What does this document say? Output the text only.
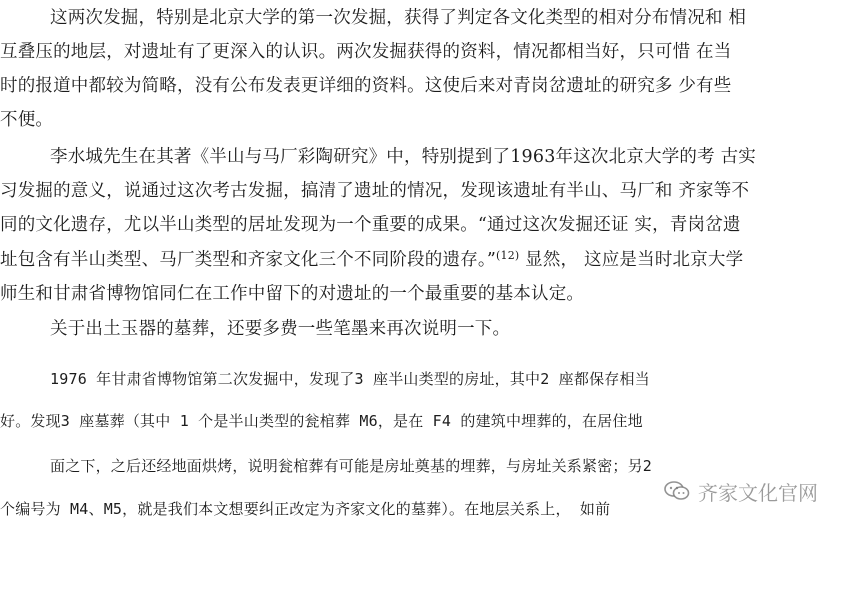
这两次发掘，特别是北京大学的第一次发掘，获得了判定各文化类型的相对分布情况和 相
互叠压的地层，对遗址有了更深入的认识。两次发掘获得的资料，情况都相当好，只可惜 在当
时的报道中都较为简略，没有公布发表更详细的资料。这使后来对青岗岔遗址的研究多 少有些
不便。
李水城先生在其著《半山与马厂彩陶研究》中，特别提到了1963年这次北京大学的考 古实
习发掘的意义，说通过这次考古发掘，搞清了遗址的情况，发现该遗址有半山、马厂和 齐家等不
同的文化遗存，尤以半山类型的居址发现为一个重要的成果。“通过这次发掘还证 实，青岗岔遗
址包含有半山类型、马厂类型和齐家文化三个不同阶段的遗存。”$^{(12)}$ 显然， 这应是当时北京大学
师生和甘肃省博物馆同仁在工作中留下的对遗址的一个最重要的基本认定。
关于出土玉器的墓葬，还要多费一些笔墨来再次说明一下。
1976 年甘肃省博物馆第二次发掘中，发现了3 座半山类型的房址，其中2 座都保存相当
好。发现3 座墓葬（其中 1 个是半山类型的瓮棺葬 M6，是在 F4 的建筑中埋葬的，在居住地
面之下，之后还经地面烘烤，说明瓮棺葬有可能是房址奠基的埋葬，与房址关系紧密；另2
个编号为 M4、M5，就是我们本文想要纠正改定为齐家文化的墓葬）。在地层关系上， 如前
齐家文化官网
